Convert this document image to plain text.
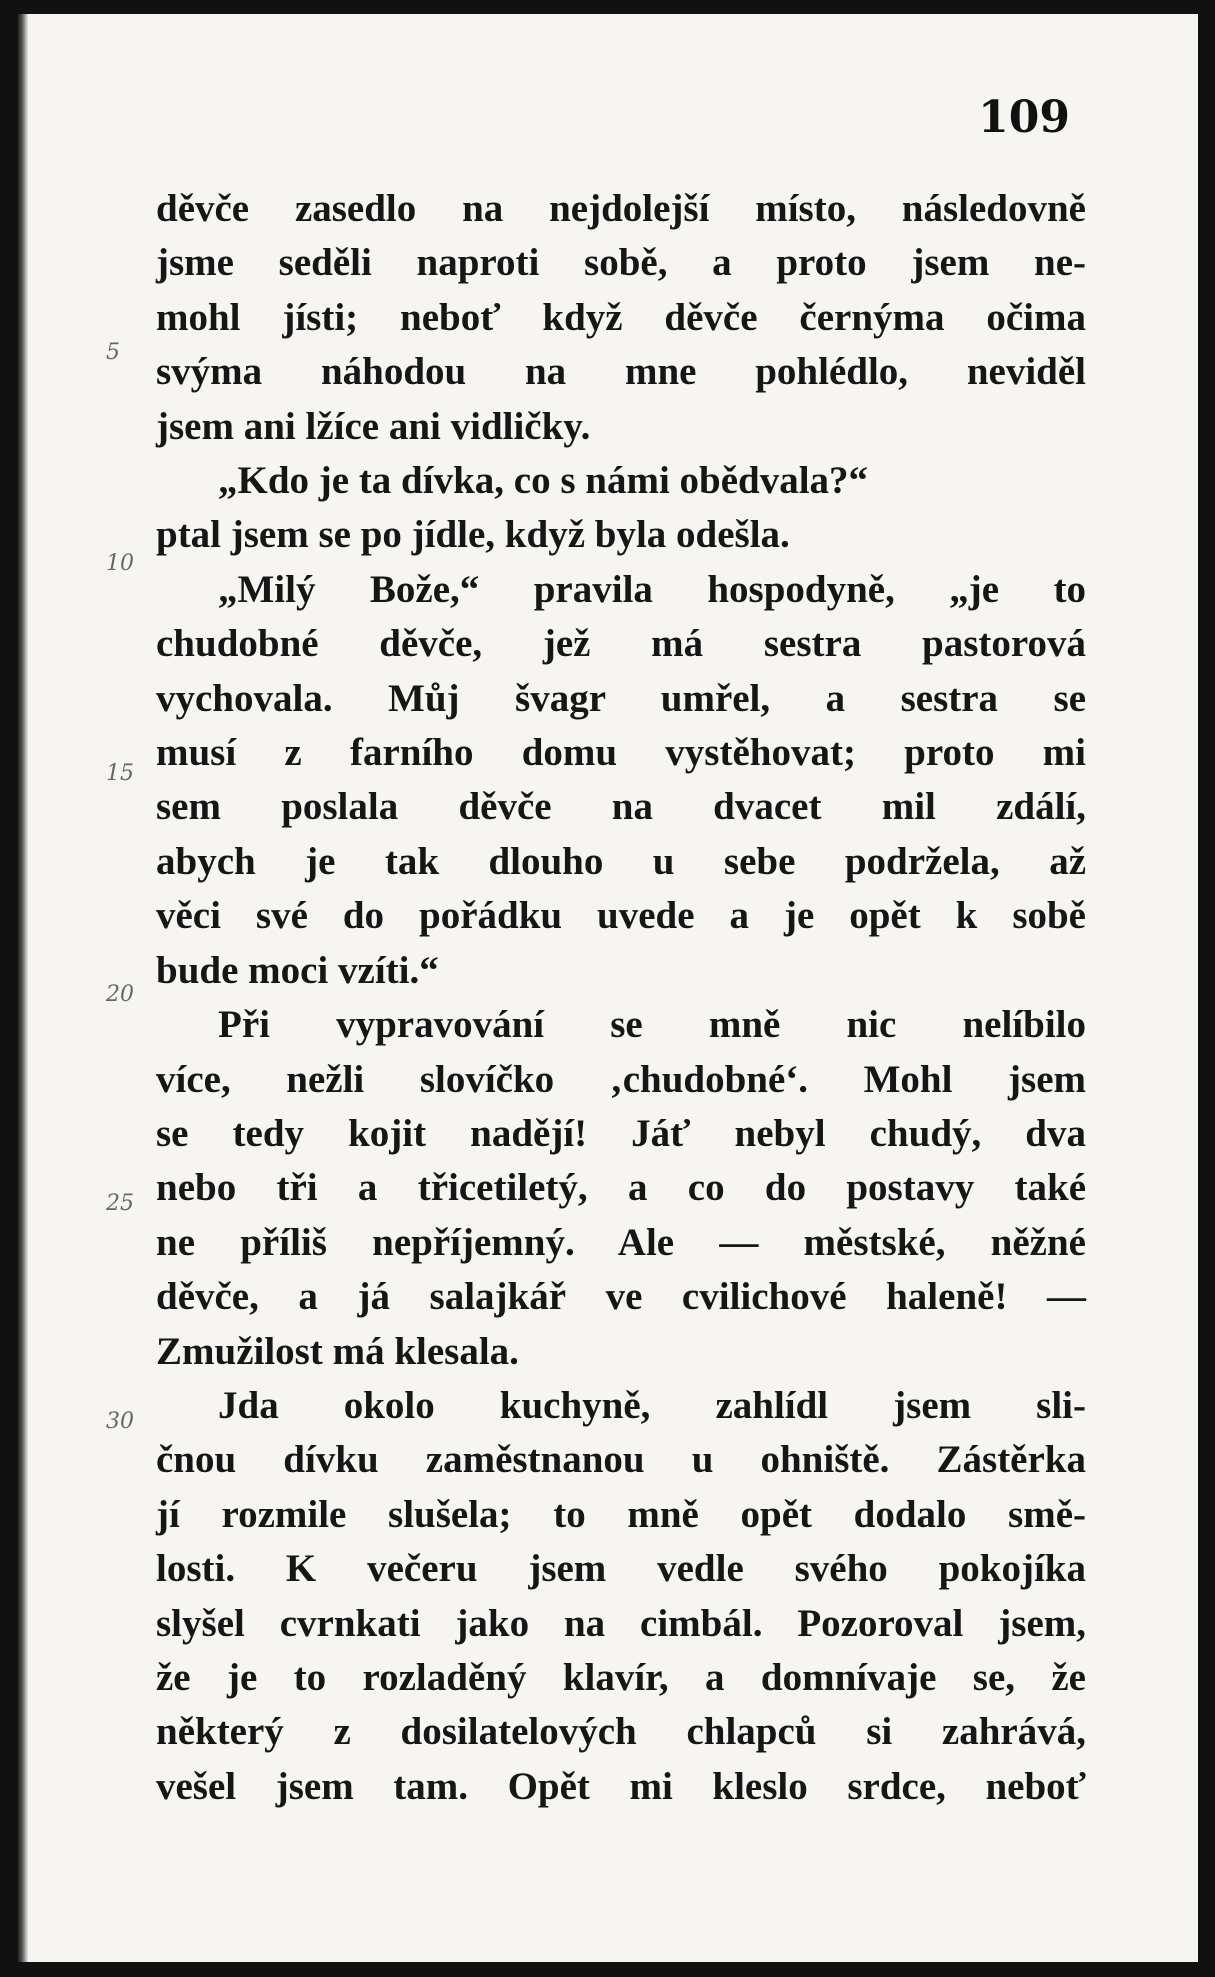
109
děvče zasedlo na nejdolejší místo, následovně
jsme seděli naproti sobě, a proto jsem ne-
mohl jísti; neboť když děvče černýma očima
svýma náhodou na mne pohlédlo, neviděl
jsem ani lžíce ani vidličky.
„Kdo je ta dívka, co s námi obědvala?“
ptal jsem se po jídle, když byla odešla.
„Milý Bože,“ pravila hospodyně, „je to
chudobné děvče, jež má sestra pastorová
vychovala. Můj švagr umřel, a sestra se
musí z farního domu vystěhovat; proto mi
sem poslala děvče na dvacet mil zdálí,
abych je tak dlouho u sebe podržela, až
věci své do pořádku uvede a je opět k sobě
bude moci vzíti.“
Při vypravování se mně nic nelíbilo
více, nežli slovíčko ‚chudobné‘. Mohl jsem
se tedy kojit nadějí! Jáť nebyl chudý, dva
nebo tři a třicetiletý, a co do postavy také
ne příliš nepříjemný. Ale — městské, něžné
děvče, a já salajkář ve cvilichové haleně! —
Zmužilost má klesala.
Jda okolo kuchyně, zahlídl jsem sli-
čnou dívku zaměstnanou u ohniště. Zástěrka
jí rozmile slušela; to mně opět dodalo smě-
losti. K večeru jsem vedle svého pokojíka
slyšel cvrnkati jako na cimbál. Pozoroval jsem,
že je to rozladěný klavír, a domnívaje se, že
některý z dosilatelových chlapců si zahrává,
vešel jsem tam. Opět mi kleslo srdce, neboť
5
10
15
20
25
30
